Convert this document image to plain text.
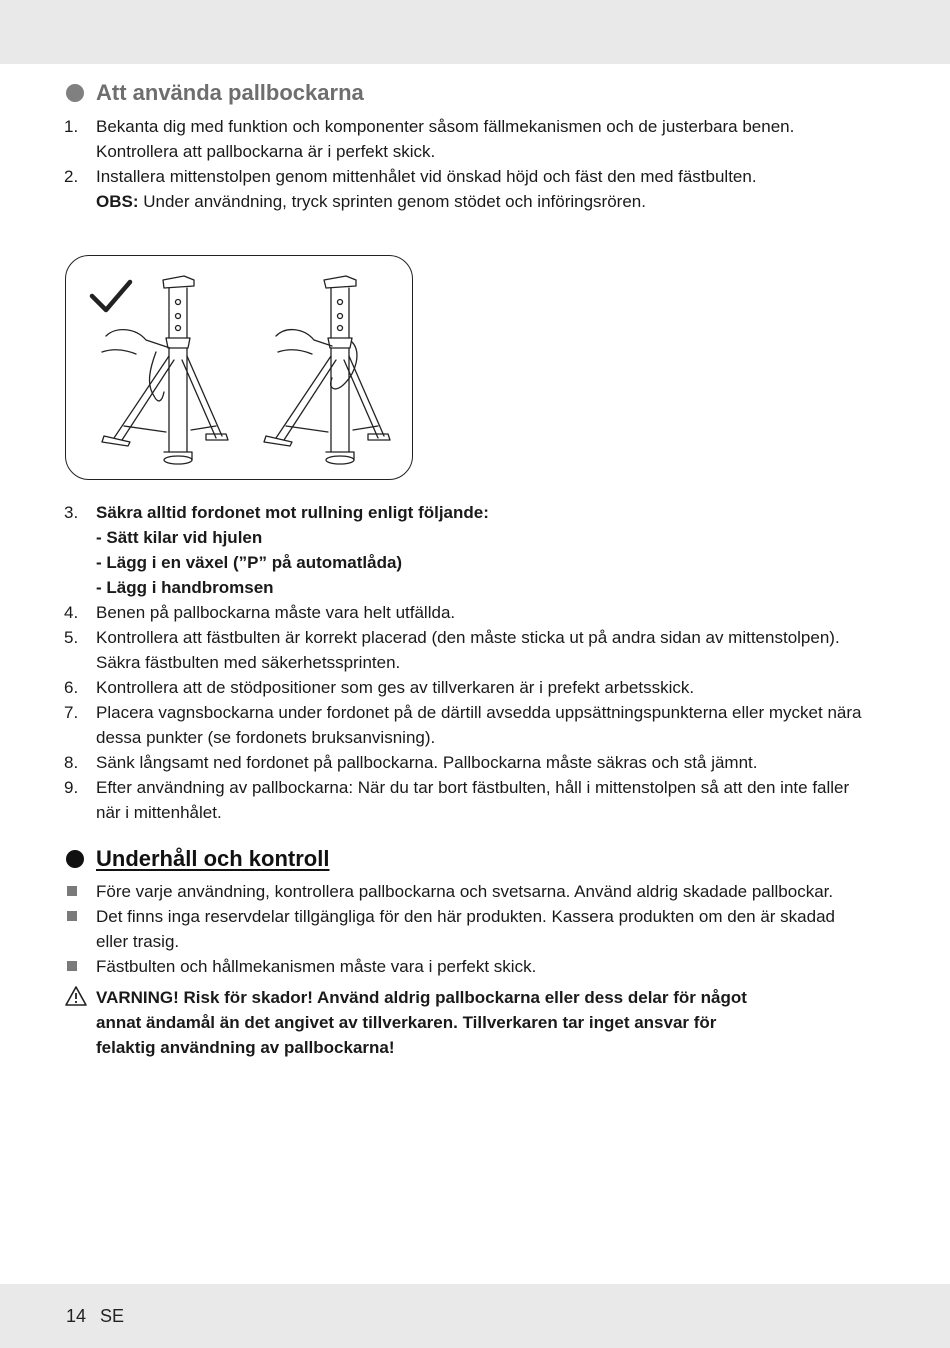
Att använda pallbockarna
1. Bekanta dig med funktion och komponenter såsom fällmekanismen och de justerbara benen.
Kontrollera att pallbockarna är i perfekt skick.
2. Installera mittenstolpen genom mittenhålet vid önskad höjd och fäst den med fästbulten.
OBS: Under användning, tryck sprinten genom stödet och införingsrören.
3. Säkra alltid fordonet mot rullning enligt följande:
- Sätt kilar vid hjulen
- Lägg i en växel (”P” på automatlåda)
- Lägg i handbromsen
4. Benen på pallbockarna måste vara helt utfällda.
5. Kontrollera att fästbulten är korrekt placerad (den måste sticka ut på andra sidan av mittenstolpen).
Säkra fästbulten med säkerhetssprinten.
6. Kontrollera att de stödpositioner som ges av tillverkaren är i prefekt arbetsskick.
7. Placera vagnsbockarna under fordonet på de därtill avsedda uppsättningspunkterna eller mycket nära
dessa punkter (se fordonets bruksanvisning).
8. Sänk långsamt ned fordonet på pallbockarna. Pallbockarna måste säkras och stå jämnt.
9. Efter användning av pallbockarna: När du tar bort fästbulten, håll i mittenstolpen så att den inte faller
när i mittenhålet.
Underhåll och kontroll
Före varje användning, kontrollera pallbockarna och svetsarna. Använd aldrig skadade pallbockar.
Det finns inga reservdelar tillgängliga för den här produkten. Kassera produkten om den är skadad
eller trasig.
Fästbulten och hållmekanismen måste vara i perfekt skick.
VARNING! Risk för skador! Använd aldrig pallbockarna eller dess delar för något
annat ändamål än det angivet av tillverkaren. Tillverkaren tar inget ansvar för
felaktig användning av pallbockarna!
14 SE
